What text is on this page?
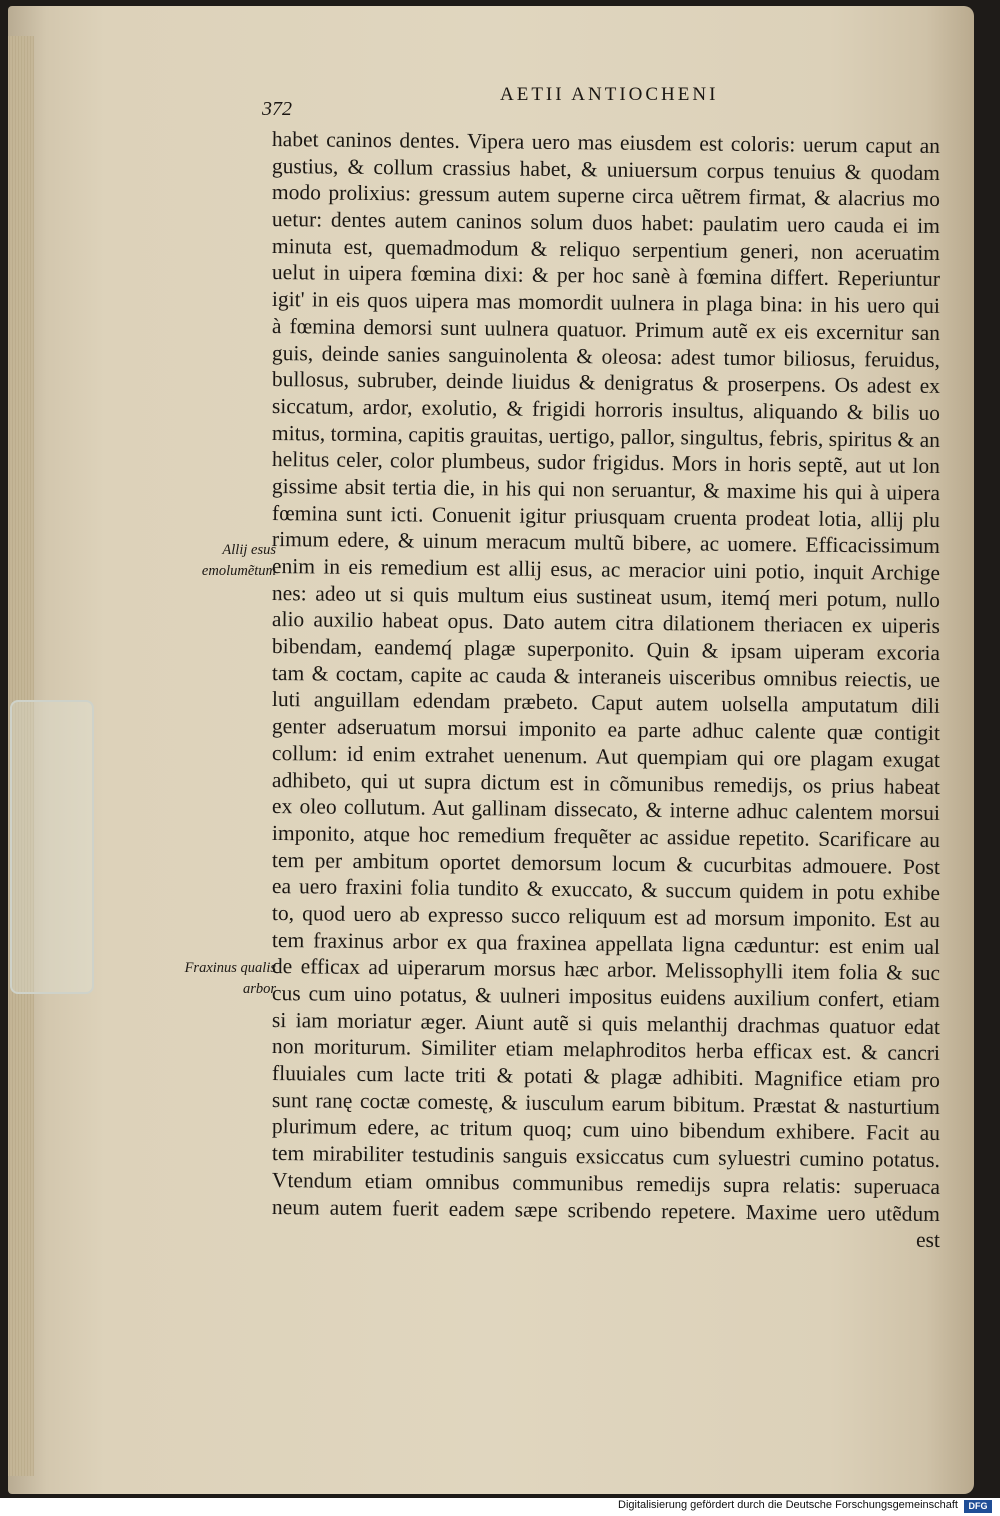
372
AETII ANTIOCHENI
Allij esus emolumẽtum
Fraxinus qualis arbor
habet caninos dentes. Vipera uero mas eiusdem est coloris: uerum caput an
gustius, & collum crassius habet, & uniuersum corpus tenuius & quodam
modo prolixius: gressum autem superne circa uẽtrem firmat, & alacrius mo
uetur: dentes autem caninos solum duos habet: paulatim uero cauda ei im
minuta est, quemadmodum & reliquo serpentium generi, non aceruatim
uelut in uipera fœmina dixi: & per hoc sanè à fœmina differt. Reperiuntur
igit' in eis quos uipera mas momordit uulnera in plaga bina: in his uero qui
à fœmina demorsi sunt uulnera quatuor. Primum autẽ ex eis excernitur san
guis, deinde sanies sanguinolenta & oleosa: adest tumor biliosus, feruidus,
bullosus, subruber, deinde liuidus & denigratus & proserpens. Os adest ex
siccatum, ardor, exolutio, & frigidi horroris insultus, aliquando & bilis uo
mitus, tormina, capitis grauitas, uertigo, pallor, singultus, febris, spiritus & an
helitus celer, color plumbeus, sudor frigidus. Mors in horis septẽ, aut ut lon
gissime absit tertia die, in his qui non seruantur, & maxime his qui à uipera
fœmina sunt icti. Conuenit igitur priusquam cruenta prodeat lotia, allij plu
rimum edere, & uinum meracum multũ bibere, ac uomere. Efficacissimum
enim in eis remedium est allij esus, ac meracior uini potio, inquit Archige
nes: adeo ut si quis multum eius sustineat usum, itemq́ meri potum, nullo
alio auxilio habeat opus. Dato autem citra dilationem theriacen ex uiperis
bibendam, eandemq́ plagæ superponito. Quin & ipsam uiperam excoria
tam & coctam, capite ac cauda & interaneis uisceribus omnibus reiectis, ue
luti anguillam edendam præbeto. Caput autem uolsella amputatum dili
genter adseruatum morsui imponito ea parte adhuc calente quæ contigit
collum: id enim extrahet uenenum. Aut quempiam qui ore plagam exugat
adhibeto, qui ut supra dictum est in cõmunibus remedijs, os prius habeat
ex oleo collutum. Aut gallinam dissecato, & interne adhuc calentem morsui
imponito, atque hoc remedium frequẽter ac assidue repetito. Scarificare au
tem per ambitum oportet demorsum locum & cucurbitas admouere. Post
ea uero fraxini folia tundito & exuccato, & succum quidem in potu exhibe
to, quod uero ab expresso succo reliquum est ad morsum imponito. Est au
tem fraxinus arbor ex qua fraxinea appellata ligna cæduntur: est enim ual
de efficax ad uiperarum morsus hæc arbor. Melissophylli item folia & suc
cus cum uino potatus, & uulneri impositus euidens auxilium confert, etiam
si iam moriatur æger. Aiunt autẽ si quis melanthij drachmas quatuor edat
non moriturum. Similiter etiam melaphroditos herba efficax est. & cancri
fluuiales cum lacte triti & potati & plagæ adhibiti. Magnifice etiam pro
sunt ranę coctæ comestę, & iusculum earum bibitum. Præstat & nasturtium
plurimum edere, ac tritum quoq; cum uino bibendum exhibere. Facit au
tem mirabiliter testudinis sanguis exsiccatus cum syluestri cumino potatus.
Vtendum etiam omnibus communibus remedijs supra relatis: superuaca
neum autem fuerit eadem sæpe scribendo repetere. Maxime uero utẽdum
est
Digitalisierung gefördert durch die Deutsche Forschungsgemeinschaft	DFG
